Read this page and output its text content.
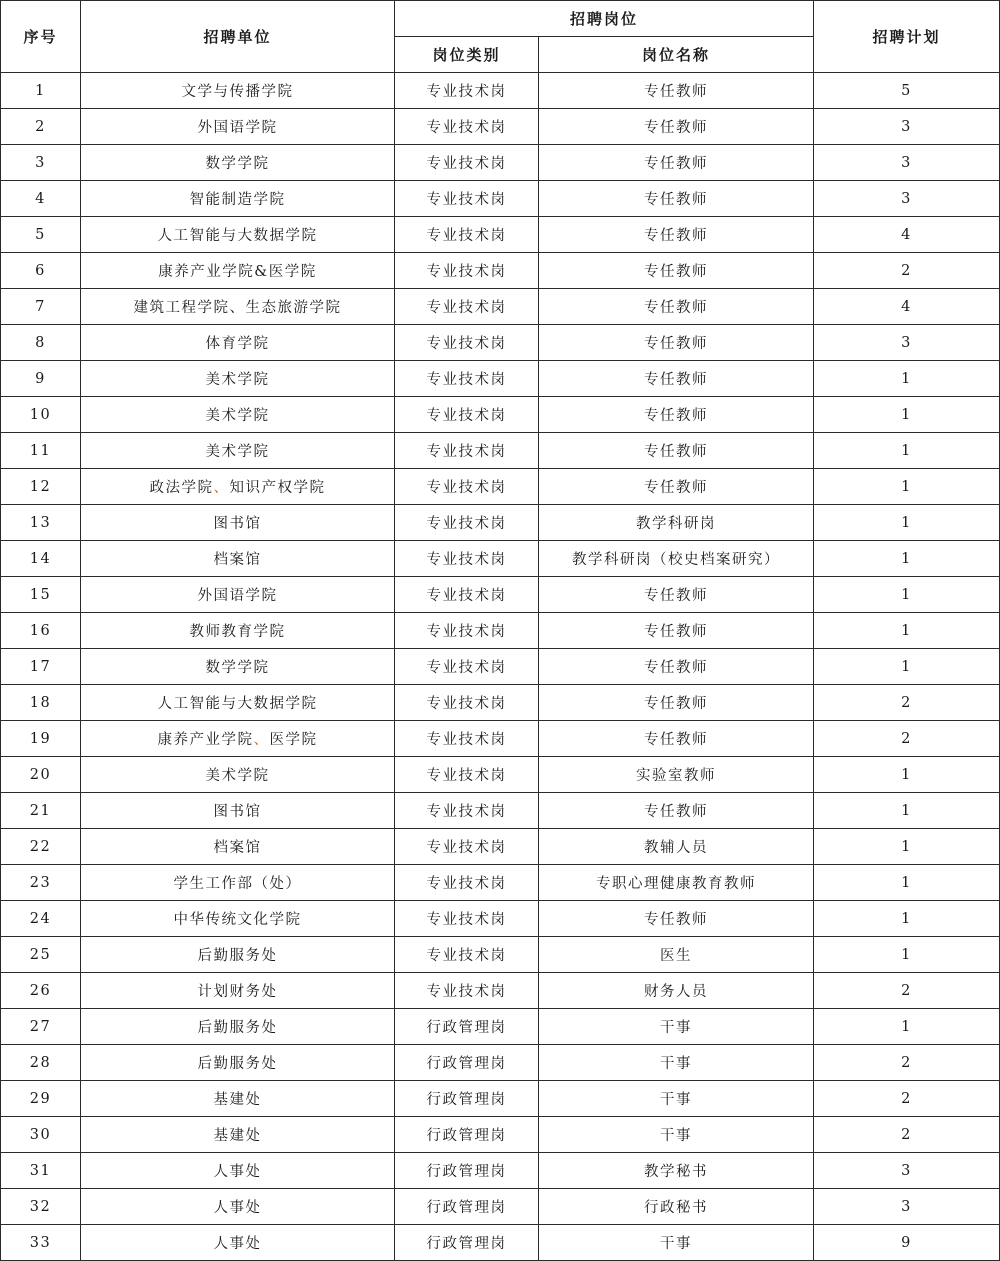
序号	招聘单位	招聘岗位		招聘计划
		岗位类别	岗位名称	
1	文学与传播学院	专业技术岗	专任教师	5
2	外国语学院	专业技术岗	专任教师	3
3	数学学院	专业技术岗	专任教师	3
4	智能制造学院	专业技术岗	专任教师	3
5	人工智能与大数据学院	专业技术岗	专任教师	4
6	康养产业学院&医学院	专业技术岗	专任教师	2
7	建筑工程学院、生态旅游学院	专业技术岗	专任教师	4
8	体育学院	专业技术岗	专任教师	3
9	美术学院	专业技术岗	专任教师	1
10	美术学院	专业技术岗	专任教师	1
11	美术学院	专业技术岗	专任教师	1
12	政法学院、知识产权学院	专业技术岗	专任教师	1
13	图书馆	专业技术岗	教学科研岗	1
14	档案馆	专业技术岗	教学科研岗（校史档案研究）	1
15	外国语学院	专业技术岗	专任教师	1
16	教师教育学院	专业技术岗	专任教师	1
17	数学学院	专业技术岗	专任教师	1
18	人工智能与大数据学院	专业技术岗	专任教师	2
19	康养产业学院、医学院	专业技术岗	专任教师	2
20	美术学院	专业技术岗	实验室教师	1
21	图书馆	专业技术岗	专任教师	1
22	档案馆	专业技术岗	教辅人员	1
23	学生工作部（处）	专业技术岗	专职心理健康教育教师	1
24	中华传统文化学院	专业技术岗	专任教师	1
25	后勤服务处	专业技术岗	医生	1
26	计划财务处	专业技术岗	财务人员	2
27	后勤服务处	行政管理岗	干事	1
28	后勤服务处	行政管理岗	干事	2
29	基建处	行政管理岗	干事	2
30	基建处	行政管理岗	干事	2
31	人事处	行政管理岗	教学秘书	3
32	人事处	行政管理岗	行政秘书	3
33	人事处	行政管理岗	干事	9
